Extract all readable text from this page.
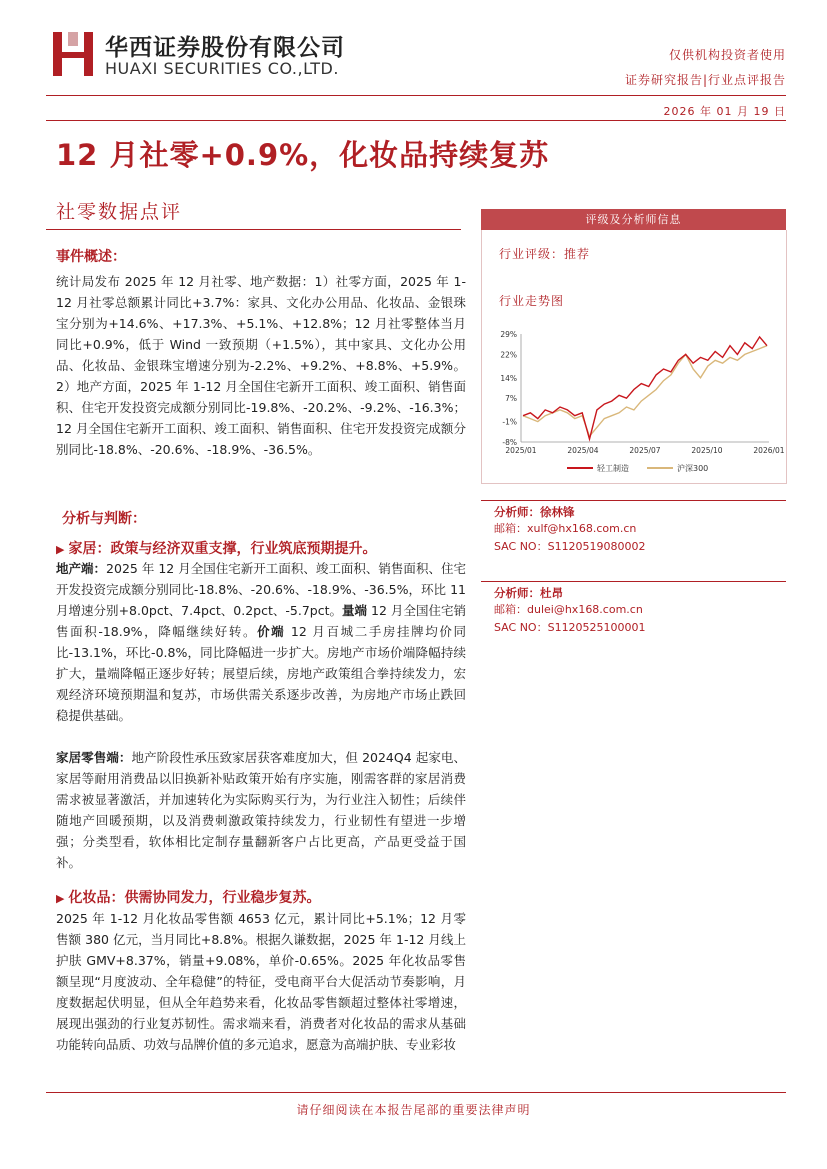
华西证券股份有限公司
HUAXI SECURITIES CO.,LTD.
仅供机构投资者使用
证券研究报告|行业点评报告
2026 年 01 月 19 日
12 月社零+0.9%，化妆品持续复苏
社零数据点评
事件概述：
统计局发布 2025 年 12 月社零、地产数据：1）社零方面，2025 年 1-12 月社零总额累计同比+3.7%：家具、文化办公用品、化妆品、金银珠宝分别为+14.6%、+17.3%、+5.1%、+12.8%；12 月社零整体当月同比+0.9%，低于 Wind 一致预期（+1.5%），其中家具、文化办公用品、化妆品、金银珠宝增速分别为-2.2%、+9.2%、+8.8%、+5.9%。2）地产方面，2025 年 1-12 月全国住宅新开工面积、竣工面积、销售面积、住宅开发投资完成额分别同比-19.8%、-20.2%、-9.2%、-16.3%；12 月全国住宅新开工面积、竣工面积、销售面积、住宅开发投资完成额分别同比-18.8%、-20.6%、-18.9%、-36.5%。
分析与判断：
▶ 家居：政策与经济双重支撑，行业筑底预期提升。
地产端：2025 年 12 月全国住宅新开工面积、竣工面积、销售面积、住宅开发投资完成额分别同比-18.8%、-20.6%、-18.9%、-36.5%，环比 11 月增速分别+8.0pct、7.4pct、0.2pct、-5.7pct。量端 12 月全国住宅销售面积-18.9%，降幅继续好转。价端 12 月百城二手房挂牌均价同比-13.1%，环比-0.8%，同比降幅进一步扩大。房地产市场价端降幅持续扩大，量端降幅正逐步好转；展望后续，房地产政策组合拳持续发力，宏观经济环境预期温和复苏，市场供需关系逐步改善，为房地产市场止跌回稳提供基础。
家居零售端：地产阶段性承压致家居获客难度加大，但 2024Q4 起家电、家居等耐用消费品以旧换新补贴政策开始有序实施，刚需客群的家居消费需求被显著激活，并加速转化为实际购买行为，为行业注入韧性；后续伴随地产回暖预期，以及消费刺激政策持续发力，行业韧性有望进一步增强；分类型看，软体相比定制存量翻新客户占比更高，产品更受益于国补。
▶ 化妆品：供需协同发力，行业稳步复苏。
2025 年 1-12 月化妆品零售额 4653 亿元，累计同比+5.1%；12 月零售额 380 亿元，当月同比+8.8%。根据久谦数据，2025 年 1-12 月线上护肤 GMV+8.37%，销量+9.08%，单价-0.65%。2025 年化妆品零售额呈现“月度波动、全年稳健”的特征，受电商平台大促活动节奏影响，月度数据起伏明显，但从全年趋势来看，化妆品零售额超过整体社零增速，展现出强劲的行业复苏韧性。需求端来看，消费者对化妆品的需求从基础功能转向品质、功效与品牌价值的多元追求，愿意为高端护肤、专业彩妆
评级及分析师信息
行业评级：推荐
行业走势图
29%
22%
14%
7%
-1%
-8%
2025/01	2025/04	2025/07	2025/10	2026/01
轻工制造	沪深300
分析师：徐林锋
邮箱：xulf@hx168.com.cn
SAC NO：S1120519080002
分析师：杜昂
邮箱：dulei@hx168.com.cn
SAC NO：S1120525100001
请仔细阅读在本报告尾部的重要法律声明
